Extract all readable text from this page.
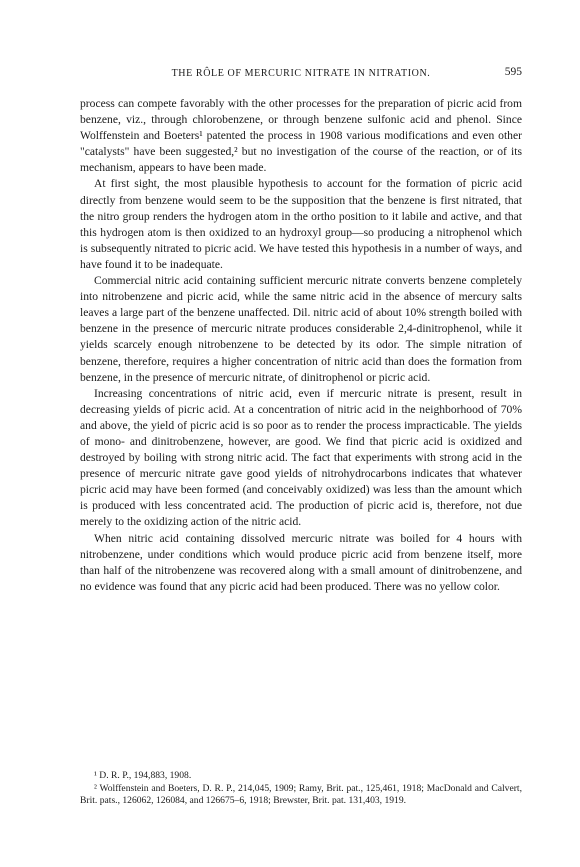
THE RÔLE OF MERCURIC NITRATE IN NITRATION.	595

process can compete favorably with the other processes for the preparation of picric acid from benzene, viz., through chlorobenzene, or through benzene sulfonic acid and phenol. Since Wolffenstein and Boeters¹ patented the process in 1908 various modifications and even other "catalysts" have been suggested,² but no investigation of the course of the reaction, or of its mechanism, appears to have been made.

At first sight, the most plausible hypothesis to account for the formation of picric acid directly from benzene would seem to be the supposition that the benzene is first nitrated, that the nitro group renders the hydrogen atom in the ortho position to it labile and active, and that this hydrogen atom is then oxidized to an hydroxyl group—so producing a nitrophenol which is subsequently nitrated to picric acid. We have tested this hypothesis in a number of ways, and have found it to be inadequate.

Commercial nitric acid containing sufficient mercuric nitrate converts benzene completely into nitrobenzene and picric acid, while the same nitric acid in the absence of mercury salts leaves a large part of the benzene unaffected. Dil. nitric acid of about 10% strength boiled with benzene in the presence of mercuric nitrate produces considerable 2,4-dinitrophenol, while it yields scarcely enough nitrobenzene to be detected by its odor. The simple nitration of benzene, therefore, requires a higher concentration of nitric acid than does the formation from benzene, in the presence of mercuric nitrate, of dinitrophenol or picric acid.

Increasing concentrations of nitric acid, even if mercuric nitrate is present, result in decreasing yields of picric acid. At a concentration of nitric acid in the neighborhood of 70% and above, the yield of picric acid is so poor as to render the process impracticable. The yields of mono- and dinitrobenzene, however, are good. We find that picric acid is oxidized and destroyed by boiling with strong nitric acid. The fact that experiments with strong acid in the presence of mercuric nitrate gave good yields of nitrohydrocarbons indicates that whatever picric acid may have been formed (and conceivably oxidized) was less than the amount which is produced with less concentrated acid. The production of picric acid is, therefore, not due merely to the oxidizing action of the nitric acid.

When nitric acid containing dissolved mercuric nitrate was boiled for 4 hours with nitrobenzene, under conditions which would produce picric acid from benzene itself, more than half of the nitrobenzene was recovered along with a small amount of dinitrobenzene, and no evidence was found that any picric acid had been produced. There was no yellow color.

¹ D. R. P., 194,883, 1908.

² Wolffenstein and Boeters, D. R. P., 214,045, 1909; Ramy, Brit. pat., 125,461, 1918; MacDonald and Calvert, Brit. pats., 126062, 126084, and 126675–6, 1918; Brewster, Brit. pat. 131,403, 1919.
